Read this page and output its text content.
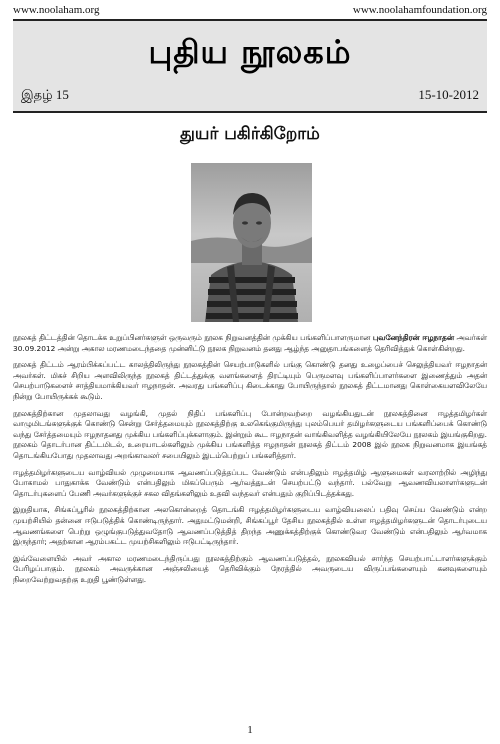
www.noolaham.org	www.noolahamfoundation.org
புதிய நூலகம்
இதழ் 15	15-10-2012
துயர் பகிர்கிறோம்

நூலகத் திட்டத்தின் தொடக்க உறுப்பினர்களுள் ஒருவரும் நூலக நிறுவனத்தின் முக்கிய பங்களிப்பாளருமான புவனேந்திரன் ஈழநாதன் அவர்கள் 30.09.2012 அன்று அகால மரணமடைந்ததை முன்னிட்டு நூலக நிறுவனம் தனது ஆழ்ந்த அனுதாபங்களைத் தெரிவித்துக் கொள்கின்றது.

நூலகத் திட்டம் ஆரம்பிக்கப்பட்ட காலத்திலிருந்து நூலகத்தின் செயற்பாடுகளில் பங்கு கொண்டு தனது உழைப்பைச் செலுத்தியவர் ஈழநாதன் அவர்கள். மிகச் சிறிய அளவிலிருந்த நூலகத் திட்டத்துக்கு வளங்களைத் திரட்டியும் பெருமளவு பங்களிப்பாளர்களை இணைத்தும் அதன் செயற்பாடுகளைச் சாத்தியமாக்கியவர் ஈழநாதன். அவரது பங்களிப்பு கிடைக்காது போயிருந்தால் நூலகத் திட்டமானது கொள்கையளவிலேயே நின்று போயிருக்கக் கூடும்.

நூலகத்திற்கான முதலாவது வழங்கி, முதல் நிதிப் பங்களிப்பு போன்றவற்றை வழங்கியதுடன் நூலகத்தினை ஈழத்தமிழர்கள் வாழுமிடங்களுக்குக் கொண்டு சென்று சேர்த்தமையும் நூலகத்திற்கு உலகெங்குமிருந்து புலம்பெயர் தமிழர்களுடைய பங்களிப்பைக் கொண்டு வந்து சேர்த்தமையும் ஈழநாதனது முக்கிய பங்களிப்புக்களாகும். இன்றும் கூட ஈழநாதன் வாங்கிவளித்த வழங்கியிலேயே நூலகம் இயங்குகிறது. நூலகம் தொடர்பான திட்டமிடல், உரையாடல்களிலும் முக்கிய பங்களித்த ஈழநாதன் நூலகத் திட்டம் 2008 இல் நூலக நிறுவனமாக இயங்கத் தொடங்கியபோது முதலாவது அறங்காவலர் சபையிலும் இடம்பெற்றுப் பங்களித்தார்.

ஈழத்தமிழர்களுடைய வாழ்வியல் முழுமையாக ஆவணப்படுத்தப்பட வேண்டும் என்பதிலும் ஈழத்தமிழ் ஆளுமைகள் வரலாற்றில் அழிந்து போகாமல் பாதுகாக்க வேண்டும் என்பதிலும் மிகப்பெரும் ஆர்வத்துடன் செயற்பட்டு வந்தார். பல்வேறு ஆவணவியலாளர்களுடன் தொடர்புகளைப் பேணி அவர்களுக்குச் சகல விதங்களிலும் உதவி வந்தவர் என்பதும் குறிப்பிடத்தக்கது.

இறுதியாக, சிங்கப்பூரில் நூலகத்திற்கான அலகொன்றைத் தொடங்கி ஈழத்தமிழர்களுடைய வாழ்வியலைப் பதிவு செய்ய வேண்டும் என்ற முயற்சியில் தன்னை ஈடுபடுத்திக் கொண்டிருந்தார். அதுமட்டுமன்றி, சிங்கப்பூர் தேசிய நூலகத்தில் உள்ள ஈழத்தமிழர்களுடன் தொடர்புடைய ஆவணங்களை பெற்று ஒழுங்குபடுத்துவதோடு ஆவணப்படுத்தித் திறந்த அணுக்கத்திற்குக் கொண்டுவர வேண்டும் என்பதிலும் ஆர்வமாக இருந்தார்; அதற்கான ஆரம்பகட்ட முயற்சிகளிலும் ஈடுபட்டிருந்தார்.

இவ்வேளையில் அவர் அகால மரணமடைந்திருப்பது நூலகத்திற்கும் ஆவணப்படுத்தல், நூலகவியல் சார்ந்த செயற்பாட்டாளர்களுக்கும் பேரிழப்பாகும். நூலகம் அவருக்கான அஞ்சலியைத் தெரிவிக்கும் நேரத்தில் அவருடைய விருப்பங்களையும் கனவுகளையும் நிறைவேற்றுவதற்கு உறுதி பூண்டுள்ளது.

1
